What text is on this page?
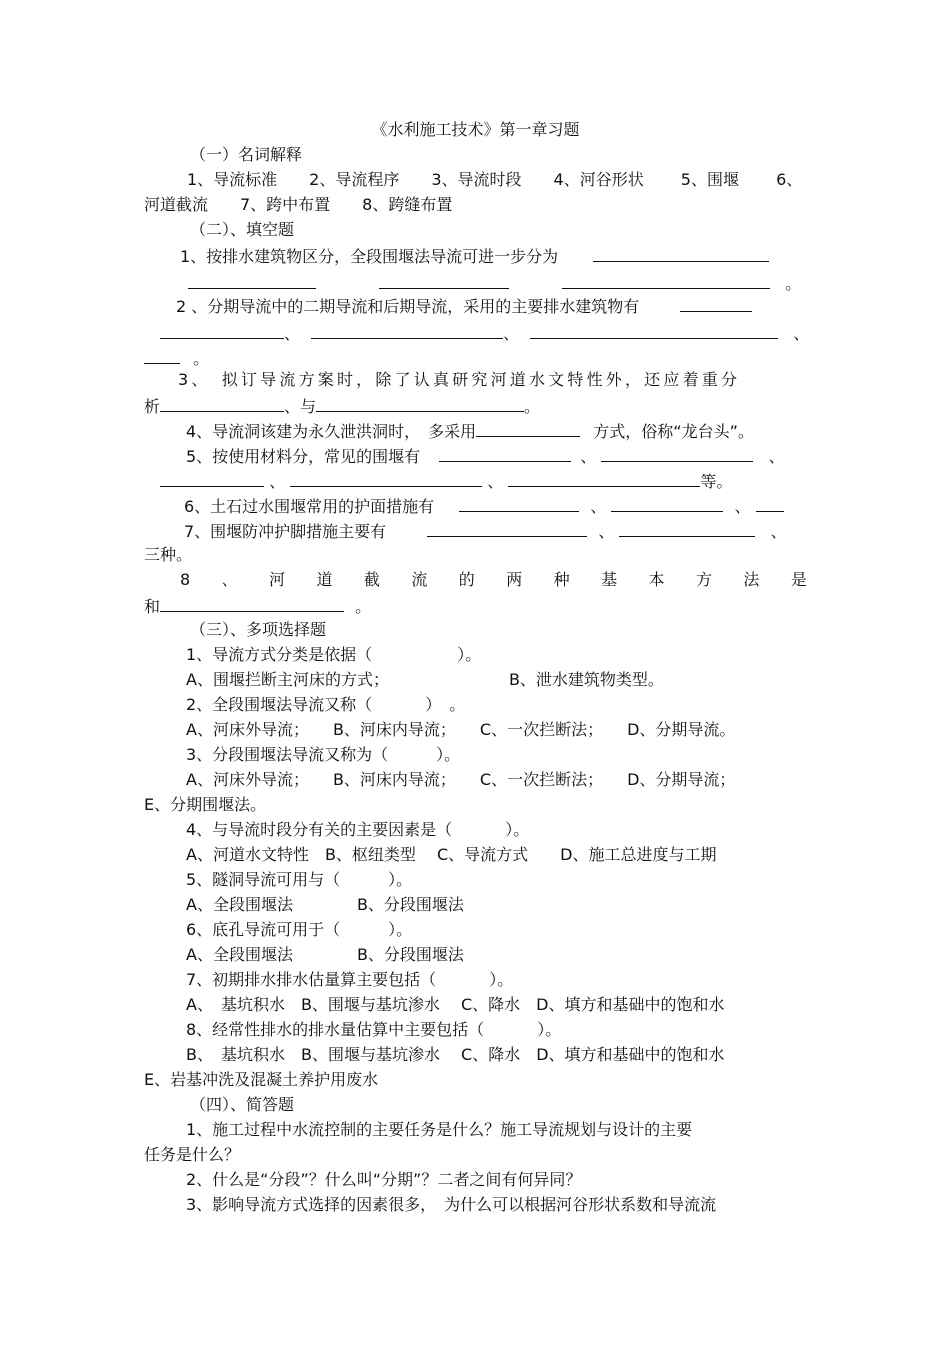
《水利施工技术》第一章习题
（一）名词解释
1、导流标准　　2、导流程序　　3、导流时段　　4、河谷形状　　 5、围堰　　 6、
河道截流　　7、跨中布置　　8、跨缝布置
（二）、填空题
1、按排水建筑物区分，全段围堰法导流可进一步分为
。
2 、分期导流中的二期导流和后期导流，采用的主要排水建筑物有
、	、	、
。
3、　拟订导流方案时，除了认真研究河道水文特性外，还应着重分
析	、与	。
4、导流洞该建为永久泄洪洞时，　多采用	方式，俗称“龙台头”。
5、按使用材料分，常见的围堰有	、	、
、	、	等。
6、土石过水围堰常用的护面措施有	、	、
7、围堰防冲护脚措施主要有	、	、
三种。
8 、 河 道 截 流 的 两 种 基 本 方 法 是
和	。
（三）、多项选择题
1、导流方式分类是依据（　　　　　 ）。
A、围堰拦断主河床的方式；　　　　　　　　B、泄水建筑物类型。
2、全段围堰法导流又称（　　　 ）　。
A、河床外导流；　　B、河床内导流；　　C、一次拦断法；　　D、分期导流。
3、分段围堰法导流又称为（　　　）。
A、河床外导流；　　B、河床内导流；　　C、一次拦断法；　　D、分期导流；
E、分期围堰法。
4、与导流时段分有关的主要因素是（　　　 ）。
A、河道水文特性　B、枢纽类型　 C、导流方式　　D、施工总进度与工期
5、隧洞导流可用与（　　　）。
A、全段围堰法　　　　B、分段围堰法
6、底孔导流可用于（　　　）。
A、全段围堰法　　　　B、分段围堰法
7、初期排水排水估量算主要包括（　　　 ）。
A、　基坑积水　B、围堰与基坑渗水　 C、降水　D、填方和基础中的饱和水
8、经常性排水的排水量估算中主要包括（　　　 ）。
B、　基坑积水　B、围堰与基坑渗水　 C、降水　D、填方和基础中的饱和水
E、岩基冲洗及混凝土养护用废水
（四）、简答题
1、施工过程中水流控制的主要任务是什么？施工导流规划与设计的主要
任务是什么？
2、什么是“分段”？什么叫“分期”？二者之间有何异同？
3、影响导流方式选择的因素很多，　为什么可以根据河谷形状系数和导流流
